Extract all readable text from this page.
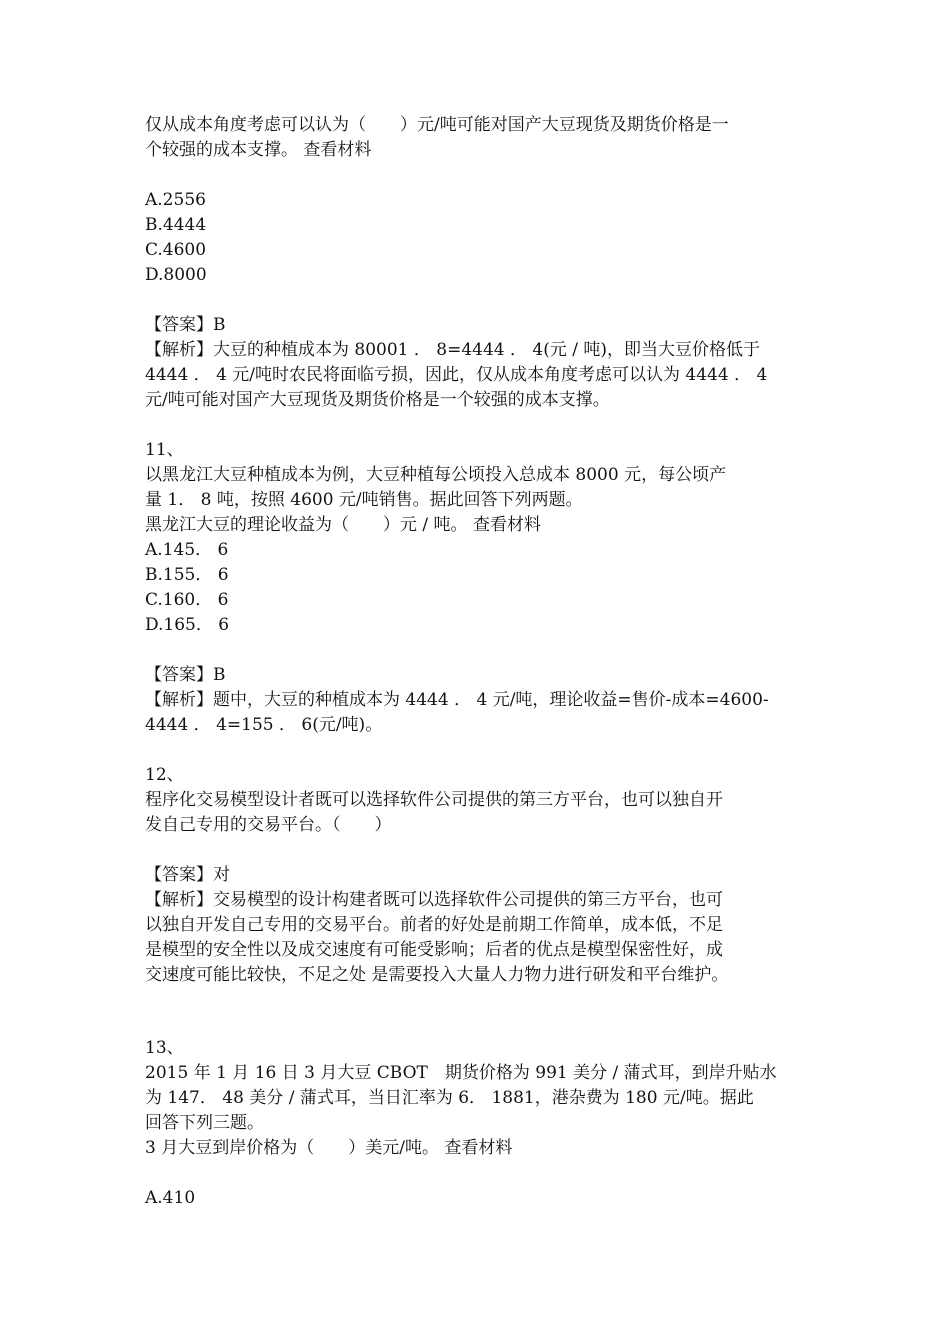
仅从成本角度考虑可以认为（　　）元/吨可能对国产大豆现货及期货价格是一
个较强的成本支撑。 查看材料
A.2556
B.4444
C.4600
D.8000
【答案】B
【解析】大豆的种植成本为 80001 ． 8=4444 ． 4(元 / 吨)，即当大豆价格低于
4444 ． 4 元/吨时农民将面临亏损，因此，仅从成本角度考虑可以认为 4444 ． 4
元/吨可能对国产大豆现货及期货价格是一个较强的成本支撑。
11、
以黑龙江大豆种植成本为例，大豆种植每公顷投入总成本 8000 元，每公顷产
量 1． 8 吨，按照 4600 元/吨销售。据此回答下列两题。
黑龙江大豆的理论收益为（　　）元 / 吨。 查看材料
A.145． 6
B.155． 6
C.160． 6
D.165． 6
【答案】B
【解析】题中，大豆的种植成本为 4444 ． 4 元/吨，理论收益=售价-成本=4600-
4444 ． 4=155 ． 6(元/吨)。
12、
程序化交易模型设计者既可以选择软件公司提供的第三方平台，也可以独自开
发自己专用的交易平台。（　　）
【答案】对
【解析】交易模型的设计构建者既可以选择软件公司提供的第三方平台，也可
以独自开发自己专用的交易平台。前者的好处是前期工作简单，成本低，不足
是模型的安全性以及成交速度有可能受影响；后者的优点是模型保密性好，成
交速度可能比较快，不足之处 是需要投入大量人力物力进行研发和平台维护。
13、
2015 年 1 月 16 日 3 月大豆 CBOT　期货价格为 991 美分 / 蒲式耳，到岸升贴水
为 147． 48 美分 / 蒲式耳，当日汇率为 6． 1881，港杂费为 180 元/吨。据此
回答下列三题。
3 月大豆到岸价格为（　　）美元/吨。 查看材料
A.410
